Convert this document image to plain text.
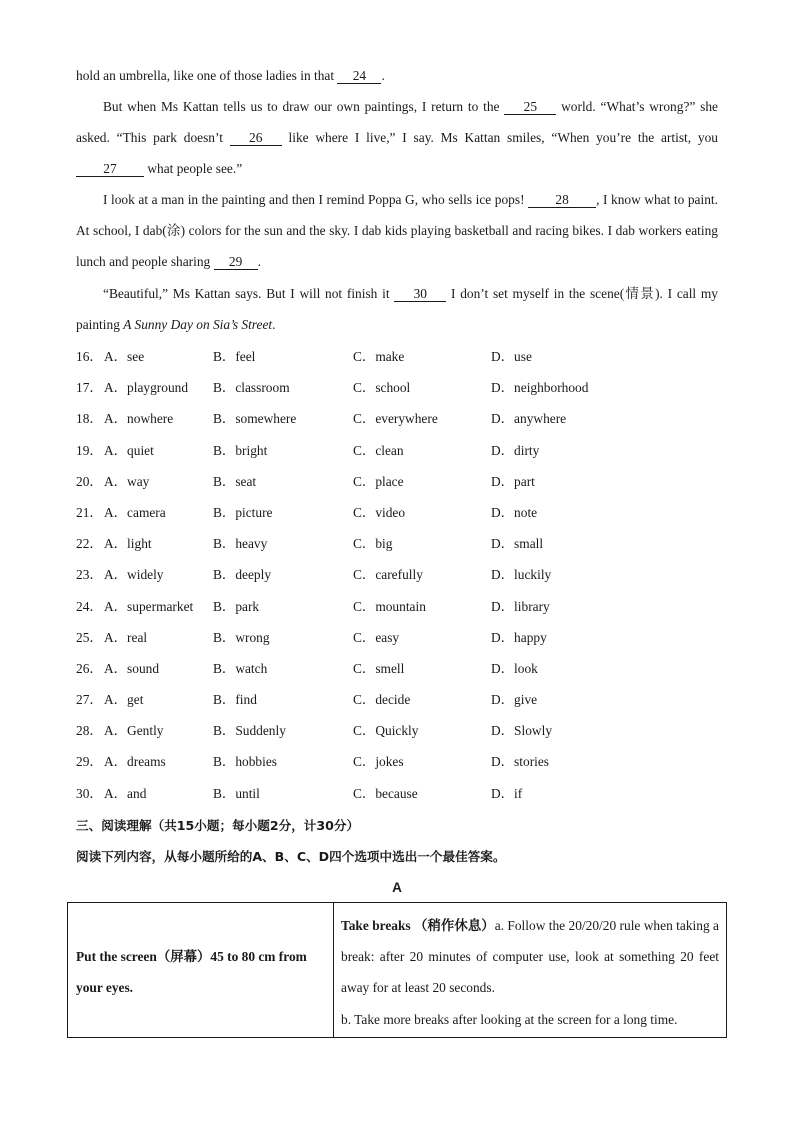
hold an umbrella, like one of those ladies in that 24 .
But when Ms Kattan tells us to draw our own paintings, I return to the 25 world. “What’s wrong?” she asked. “This park doesn’t 26 like where I live,” I say. Ms Kattan smiles, “When you’re the artist, you 27 what people see.”
I look at a man in the painting and then I remind Poppa G, who sells ice pops! 28 , I know what to paint. At school, I dab(涂) colors for the sun and the sky. I dab kids playing basketball and racing bikes. I dab workers eating lunch and people sharing 29 .
“Beautiful,” Ms Kattan says. But I will not finish it 30 I don’t set myself in the scene(情景). I call my painting A Sunny Day on Sia’s Street.
16． A．see	B．feel	C．make	D．use
17． A．playground B．classroom	C．school	D．neighborhood
18． A．nowhere	B．somewhere	C．everywhere	D．anywhere
19． A．quiet	B．bright	C．clean	D．dirty
20． A．way	B．seat	C．place	D．part
21． A．camera	B．picture	C．video	D．note
22． A．light	B．heavy	C．big	D．small
23． A．widely	B．deeply	C．carefully	D．luckily
24． A．supermarket B．park	C．mountain	D．library
25． A．real	B．wrong	C．easy	D．happy
26． A．sound	B．watch	C．smell	D．look
27． A．get	B．find	C．decide	D．give
28． A．Gently	B．Suddenly	C．Quickly	D．Slowly
29． A．dreams	B．hobbies	C．jokes	D．stories
30． A．and	B．until	C．because	D．if
三、阅读理解（共15小题；每小题2分，计30分）
阅读下列内容，从每小题所给的A、B、C、D四个选项中选出一个最佳答案。
A
Put the screen（屏幕）45 to 80 cm from your eyes.
Take breaks （稍作休息）a. Follow the 20/20/20 rule when taking a break: after 20 minutes of computer use, look at something 20 feet away for at least 20 seconds.
b. Take more breaks after looking at the screen for a long time.
